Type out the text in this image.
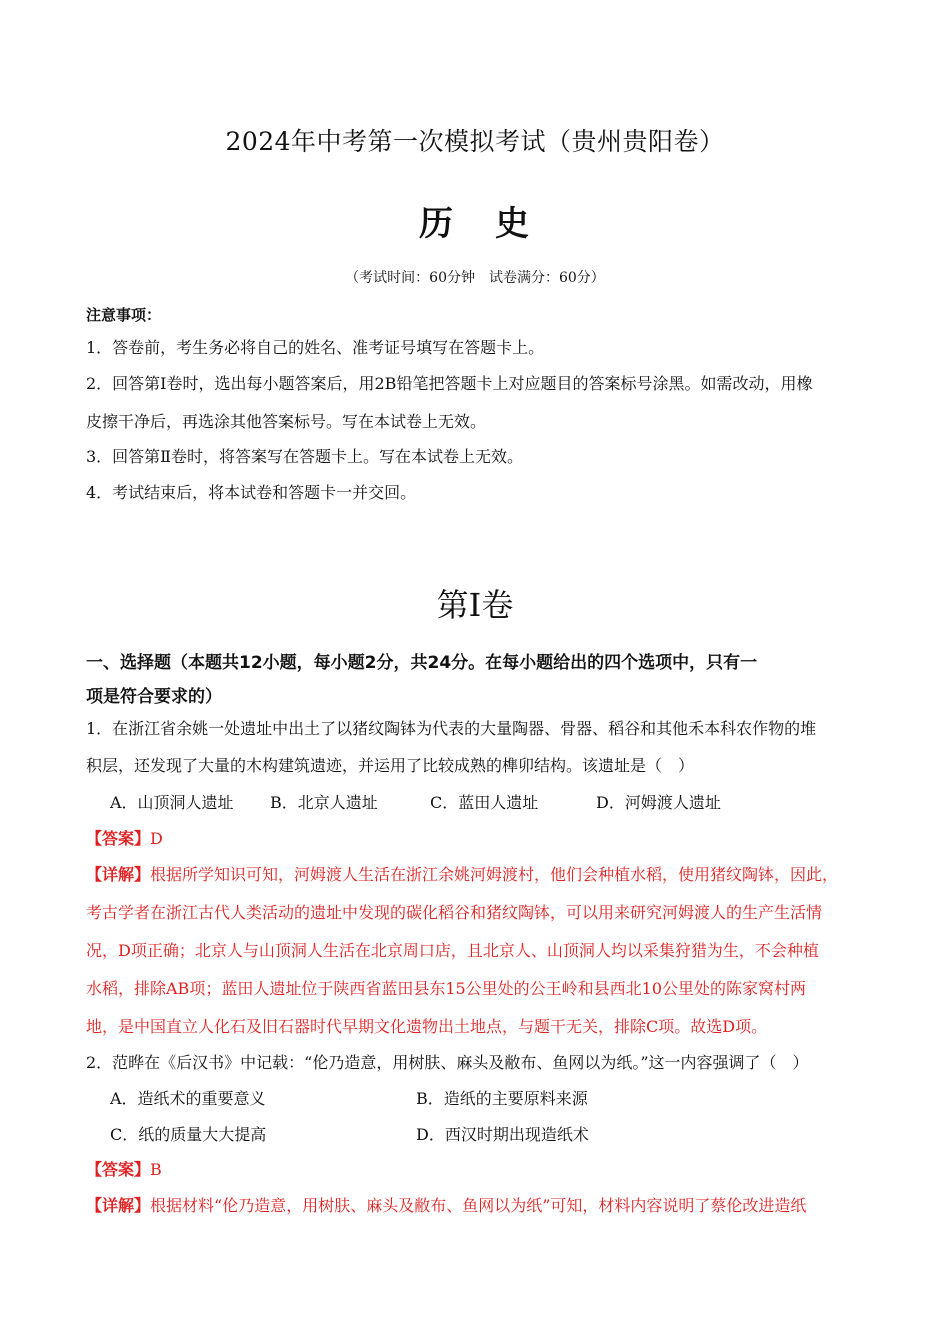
2024年中考第一次模拟考试（贵州贵阳卷）
历 史
（考试时间：60分钟　试卷满分：60分）
注意事项：
1．答卷前，考生务必将自己的姓名、准考证号填写在答题卡上。
2．回答第Ⅰ卷时，选出每小题答案后，用2B铅笔把答题卡上对应题目的答案标号涂黑。如需改动，用橡
皮擦干净后，再选涂其他答案标号。写在本试卷上无效。
3．回答第Ⅱ卷时，将答案写在答题卡上。写在本试卷上无效。
4．考试结束后，将本试卷和答题卡一并交回。
第Ⅰ卷
一、选择题（本题共12小题，每小题2分，共24分。在每小题给出的四个选项中，只有一
项是符合要求的）
1．在浙江省余姚一处遗址中出土了以猪纹陶钵为代表的大量陶器、骨器、稻谷和其他禾本科农作物的堆
积层，还发现了大量的木构建筑遗迹，并运用了比较成熟的榫卯结构。该遗址是（　）
A．山顶洞人遗址 B．北京人遗址	C．蓝田人遗址	D．河姆渡人遗址
【答案】D
【详解】根据所学知识可知，河姆渡人生活在浙江余姚河姆渡村，他们会种植水稻，使用猪纹陶钵，因此，
考古学者在浙江古代人类活动的遗址中发现的碳化稻谷和猪纹陶钵，可以用来研究河姆渡人的生产生活情
况，D项正确；北京人与山顶洞人生活在北京周口店，且北京人、山顶洞人均以采集狩猎为生，不会种植
水稻，排除AB项；蓝田人遗址位于陕西省蓝田县东15公里处的公王岭和县西北10公里处的陈家窝村两
地，是中国直立人化石及旧石器时代早期文化遗物出土地点，与题干无关，排除C项。故选D项。
2．范晔在《后汉书》中记载：“伦乃造意，用树肤、麻头及敝布、鱼网以为纸。”这一内容强调了（　）
A．造纸术的重要意义	B．造纸的主要原料来源
C．纸的质量大大提高	D．西汉时期出现造纸术
【答案】B
【详解】根据材料“伦乃造意，用树肤、麻头及敝布、鱼网以为纸”可知，材料内容说明了蔡伦改进造纸
